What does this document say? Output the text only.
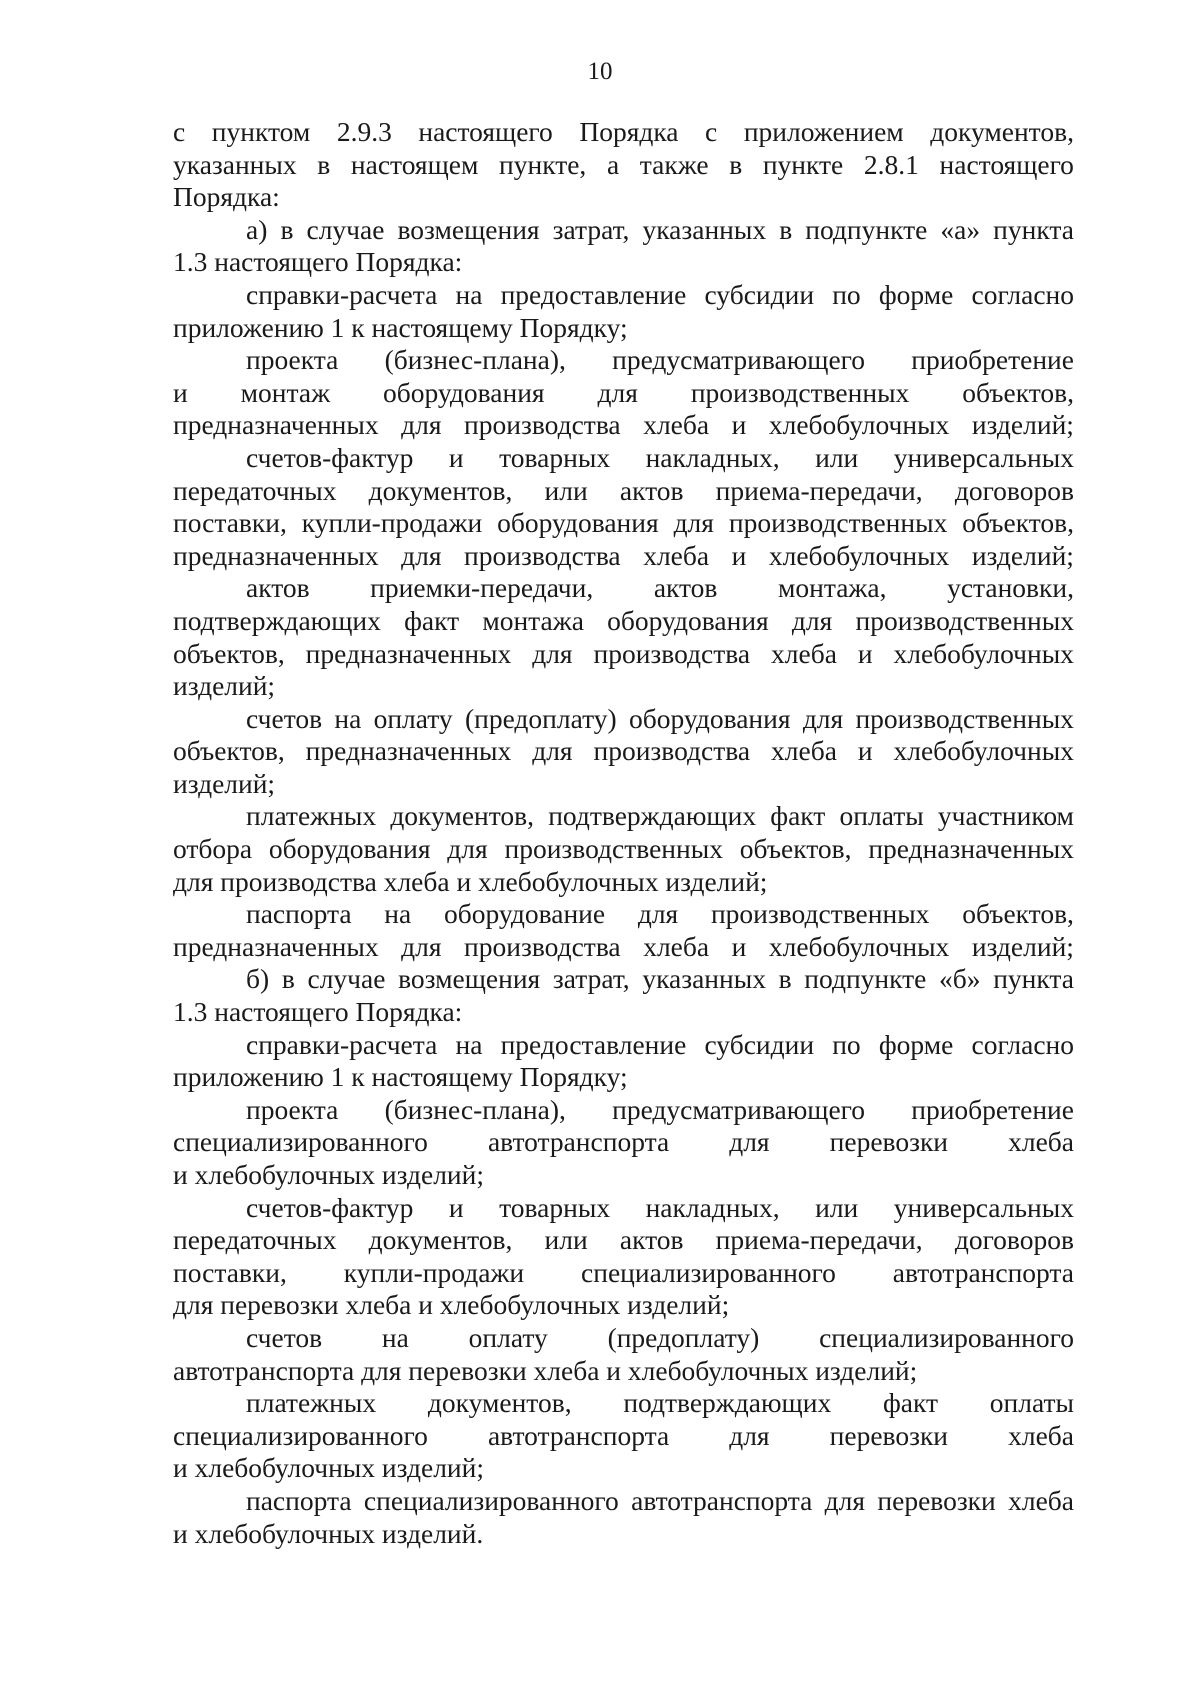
10
с пунктом 2.9.3 настоящего Порядка с приложением документов,
указанных в настоящем пункте, а также в пункте 2.8.1 настоящего
Порядка:
а) в случае возмещения затрат, указанных в подпункте «а» пункта
1.3 настоящего Порядка:
справки-расчета на предоставление субсидии по форме согласно
приложению 1 к настоящему Порядку;
проекта (бизнес-плана), предусматривающего приобретение
и монтаж оборудования для производственных объектов,
предназначенных для производства хлеба и хлебобулочных изделий;
счетов-фактур и товарных накладных, или универсальных
передаточных документов, или актов приема-передачи, договоров
поставки, купли-продажи оборудования для производственных объектов,
предназначенных для производства хлеба и хлебобулочных изделий;
актов приемки-передачи, актов монтажа, установки,
подтверждающих факт монтажа оборудования для производственных
объектов, предназначенных для производства хлеба и хлебобулочных
изделий;
счетов на оплату (предоплату) оборудования для производственных
объектов, предназначенных для производства хлеба и хлебобулочных
изделий;
платежных документов, подтверждающих факт оплаты участником
отбора оборудования для производственных объектов, предназначенных
для производства хлеба и хлебобулочных изделий;
паспорта на оборудование для производственных объектов,
предназначенных для производства хлеба и хлебобулочных изделий;
б) в случае возмещения затрат, указанных в подпункте «б» пункта
1.3 настоящего Порядка:
справки-расчета на предоставление субсидии по форме согласно
приложению 1 к настоящему Порядку;
проекта (бизнес-плана), предусматривающего приобретение
специализированного автотранспорта для перевозки хлеба
и хлебобулочных изделий;
счетов-фактур и товарных накладных, или универсальных
передаточных документов, или актов приема-передачи, договоров
поставки, купли-продажи специализированного автотранспорта
для перевозки хлеба и хлебобулочных изделий;
счетов на оплату (предоплату) специализированного
автотранспорта для перевозки хлеба и хлебобулочных изделий;
платежных документов, подтверждающих факт оплаты
специализированного автотранспорта для перевозки хлеба
и хлебобулочных изделий;
паспорта специализированного автотранспорта для перевозки хлеба
и хлебобулочных изделий.
